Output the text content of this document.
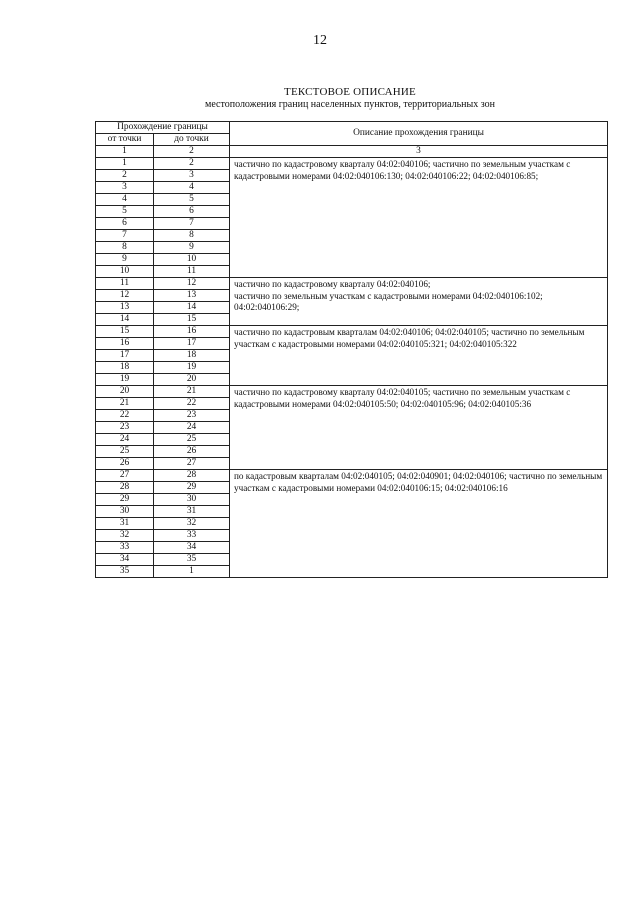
12
ТЕКСТОВОЕ ОПИСАНИЕ
местоположения границ населенных пунктов, территориальных зон
Прохождение границы		Описание прохождения границы
от точки	до точки	
1	2	3
1	2	частично по кадастровому кварталу 04:02:040106; частично по земельным участкам с кадастровыми номерами 04:02:040106:130; 04:02:040106:22; 04:02:040106:85;
2	3	
3	4	
4	5	
5	6	
6	7	
7	8	
8	9	
9	10	
10	11	
11	12	частично по кадастровому кварталу 04:02:040106;
частично по земельным участкам с кадастровыми номерами 04:02:040106:102; 04:02:040106:29;
12	13	
13	14	
14	15	
15	16	частично по кадастровым кварталам 04:02:040106; 04:02:040105; частично по земельным участкам с кадастровыми номерами 04:02:040105:321; 04:02:040105:322
16	17	
17	18	
18	19	
19	20	
20	21	частично по кадастровому кварталу 04:02:040105; частично по земельным участкам с кадастровыми номерами 04:02:040105:50; 04:02:040105:96; 04:02:040105:36
21	22	
22	23	
23	24	
24	25	
25	26	
26	27	
27	28	по кадастровым кварталам 04:02:040105; 04:02:040901; 04:02:040106; частично по земельным участкам с кадастровыми номерами 04:02:040106:15; 04:02:040106:16
28	29	
29	30	
30	31	
31	32	
32	33	
33	34	
34	35	
35	1	
